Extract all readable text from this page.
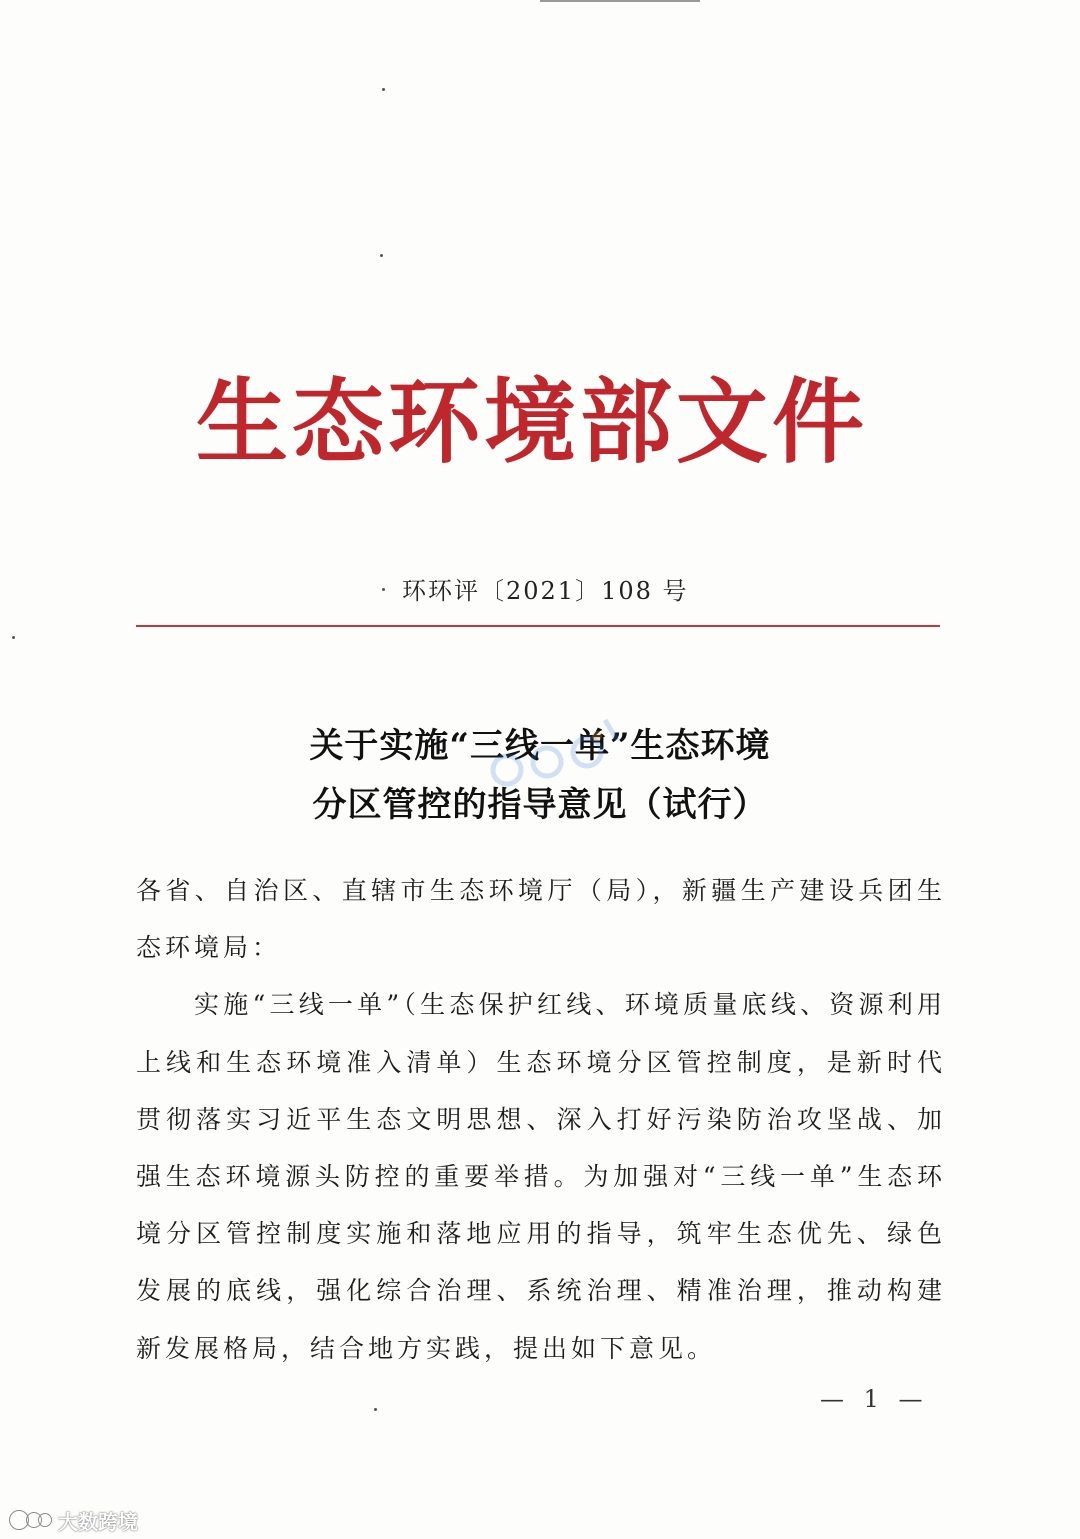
生态环境部文件
环环评〔2021〕108 号
关于实施“三线一单”生态环境
分区管控的指导意见（试行）

各省、自治区、直辖市生态环境厅（局），新疆生产建设兵团生态环境局：

实施“三线一单”（生态保护红线、环境质量底线、资源利用上线和生态环境准入清单）生态环境分区管控制度，是新时代贯彻落实习近平生态文明思想、深入打好污染防治攻坚战、加强生态环境源头防控的重要举措。为加强对“三线一单”生态环境分区管控制度实施和落地应用的指导，筑牢生态优先、绿色发展的底线，强化综合治理、系统治理、精准治理，推动构建新发展格局，结合地方实践，提出如下意见。

— 1 —
大数跨境
